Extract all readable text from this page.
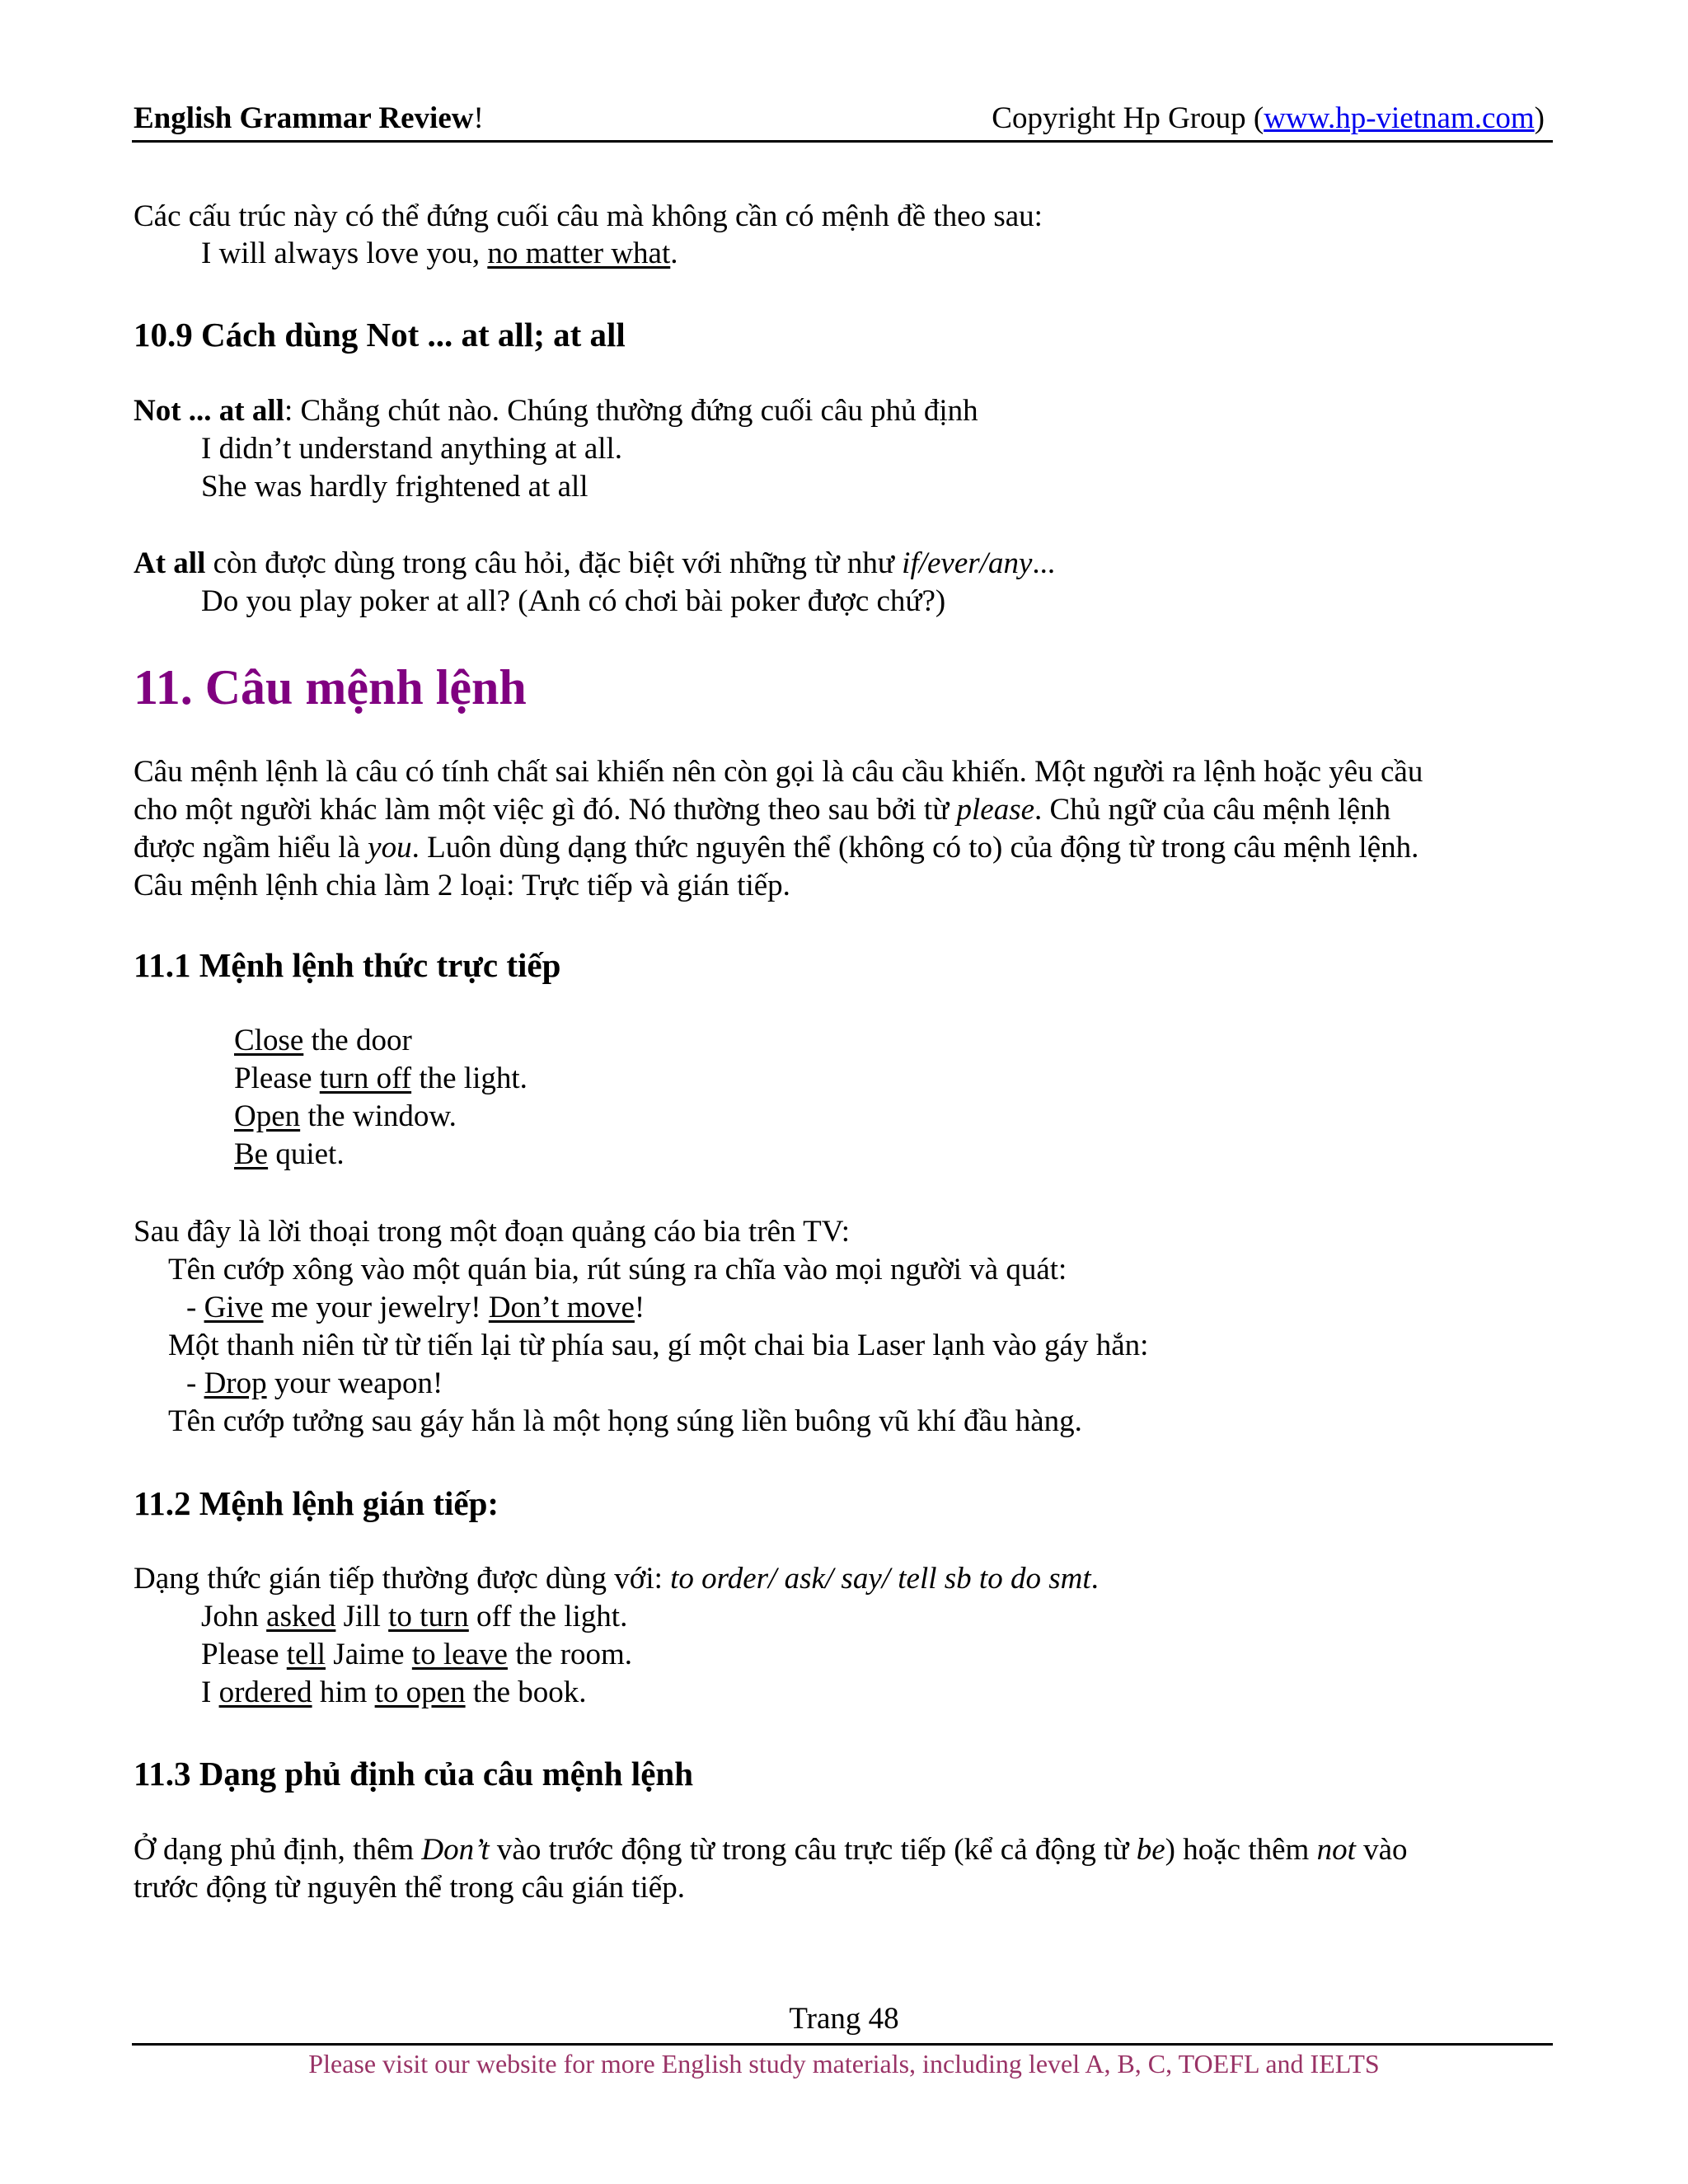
English Grammar Review!	Copyright Hp Group (www.hp-vietnam.com)
Các cấu trúc này có thể đứng cuối câu mà không cần có mệnh đề theo sau:
I will always love you, no matter what.
10.9 Cách dùng Not ... at all; at all
Not ... at all: Chẳng chút nào. Chúng thường đứng cuối câu phủ định
I didn’t understand anything at all.
She was hardly frightened at all
At all còn được dùng trong câu hỏi, đặc biệt với những từ như if/ever/any...
Do you play poker at all? (Anh có chơi bài poker được chứ?)
11. Câu mệnh lệnh
Câu mệnh lệnh là câu có tính chất sai khiến nên còn gọi là câu cầu khiến. Một người ra lệnh hoặc yêu cầu
cho một người khác làm một việc gì đó. Nó thường theo sau bởi từ please. Chủ ngữ của câu mệnh lệnh
được ngầm hiểu là you. Luôn dùng dạng thức nguyên thể (không có to) của động từ trong câu mệnh lệnh.
Câu mệnh lệnh chia làm 2 loại: Trực tiếp và gián tiếp.
11.1 Mệnh lệnh thức trực tiếp
Close the door
Please turn off the light.
Open the window.
Be quiet.
Sau đây là lời thoại trong một đoạn quảng cáo bia trên TV:
Tên cướp xông vào một quán bia, rút súng ra chĩa vào mọi người và quát:
- Give me your jewelry! Don’t move!
Một thanh niên từ từ tiến lại từ phía sau, gí một chai bia Laser lạnh vào gáy hắn:
- Drop your weapon!
Tên cướp tưởng sau gáy hắn là một họng súng liền buông vũ khí đầu hàng.
11.2 Mệnh lệnh gián tiếp:
Dạng thức gián tiếp thường được dùng với: to order/ ask/ say/ tell sb to do smt.
John asked Jill to turn off the light.
Please tell Jaime to leave the room.
I ordered him to open the book.
11.3 Dạng phủ định của câu mệnh lệnh
Ở dạng phủ định, thêm Don’t vào trước động từ trong câu trực tiếp (kể cả động từ be) hoặc thêm not vào
trước động từ nguyên thể trong câu gián tiếp.
Trang 48
Please visit our website for more English study materials, including level A, B, C, TOEFL and IELTS
